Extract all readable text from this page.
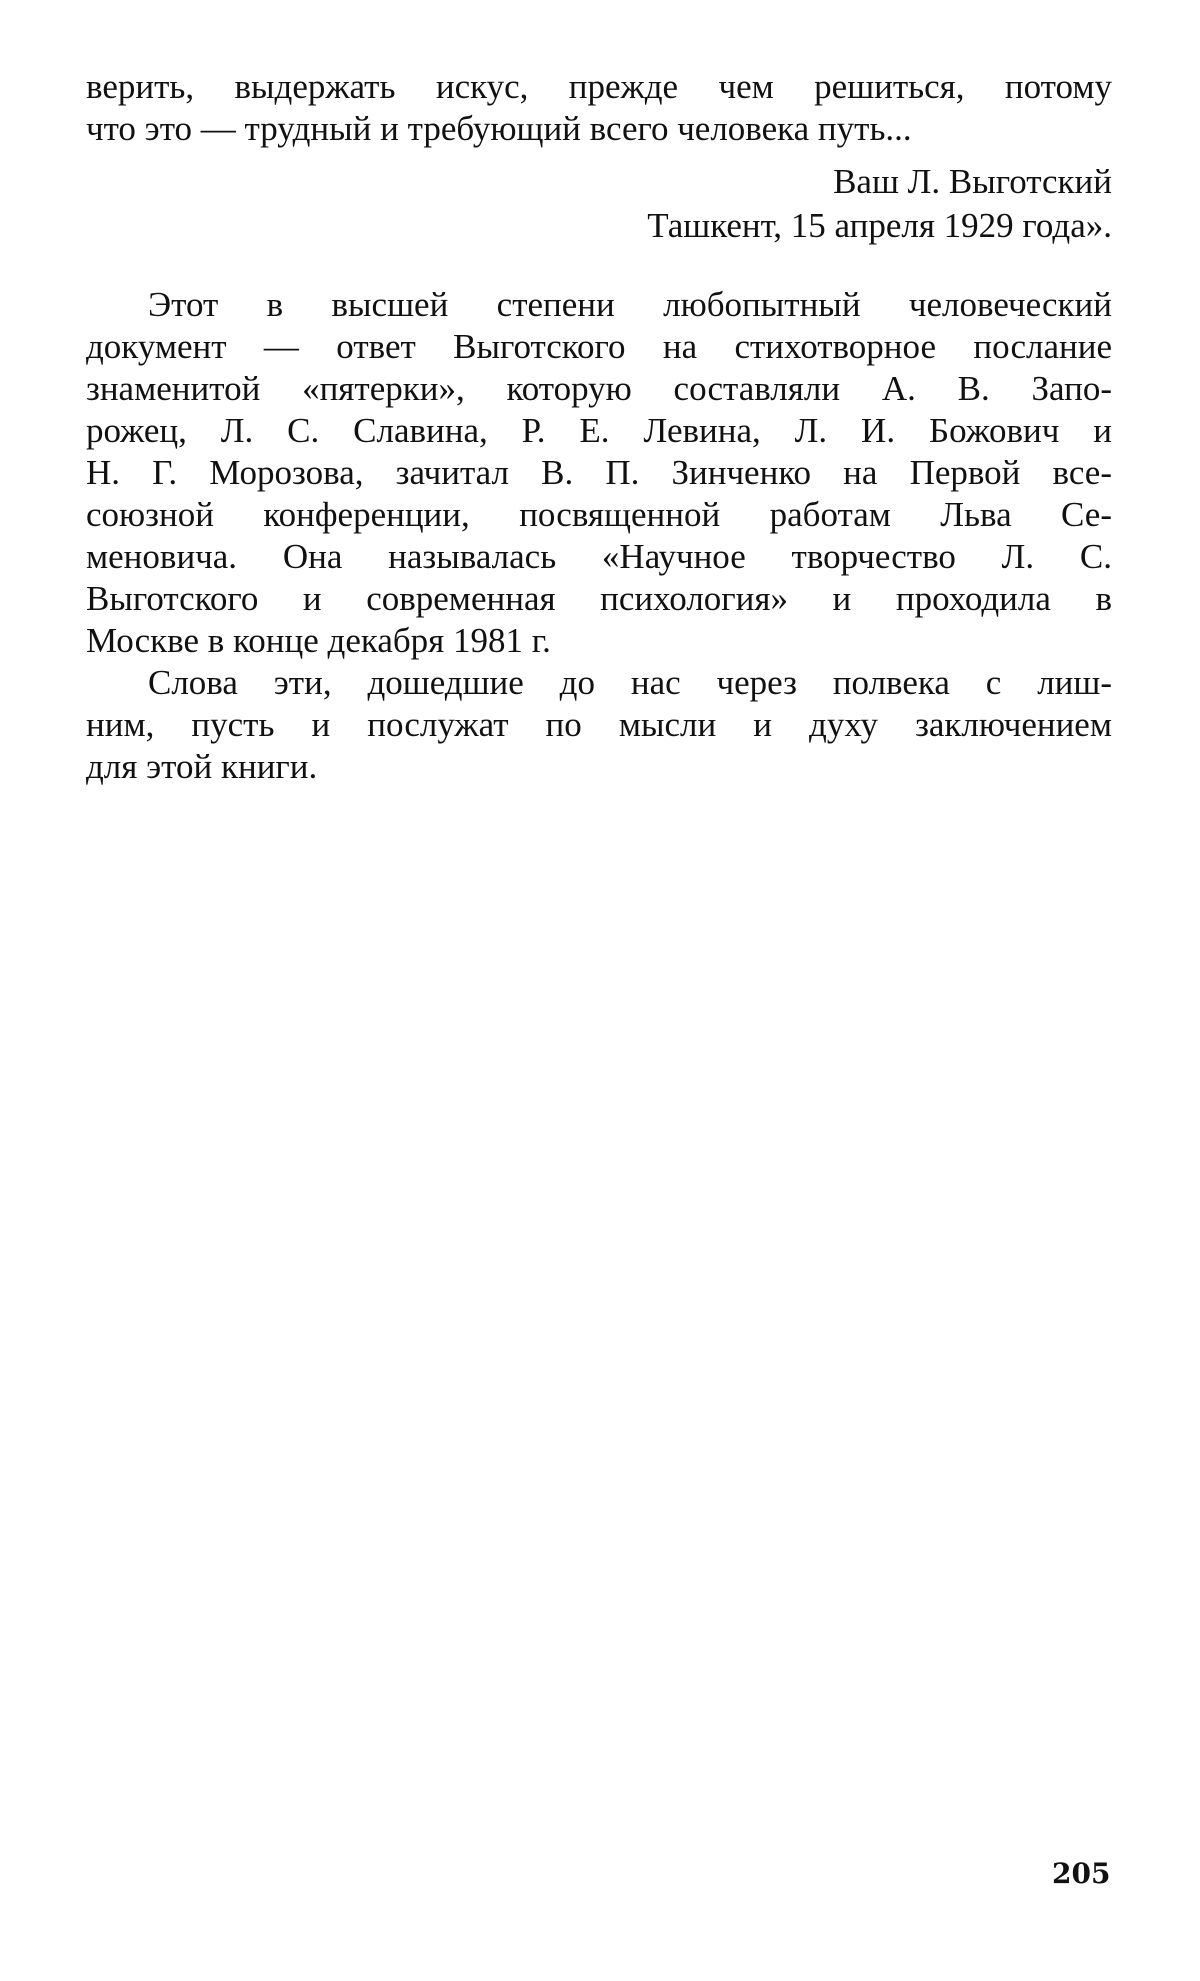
верить, выдержать искус, прежде чем решиться, потому
что это — трудный и требующий всего человека путь...
Ваш Л. Выготский
Ташкент, 15 апреля 1929 года».
Этот в высшей степени любопытный человеческий
документ — ответ Выготского на стихотворное послание
знаменитой «пятерки», которую составляли А. В. Запо-
рожец, Л. С. Славина, Р. Е. Левина, Л. И. Божович и
Н. Г. Морозова, зачитал В. П. Зинченко на Первой все-
союзной конференции, посвященной работам Льва Се-
меновича. Она называлась «Научное творчество Л. С.
Выготского и современная психология» и проходила в
Москве в конце декабря 1981 г.
Слова эти, дошедшие до нас через полвека с лиш-
ним, пусть и послужат по мысли и духу заключением
для этой книги.
205
